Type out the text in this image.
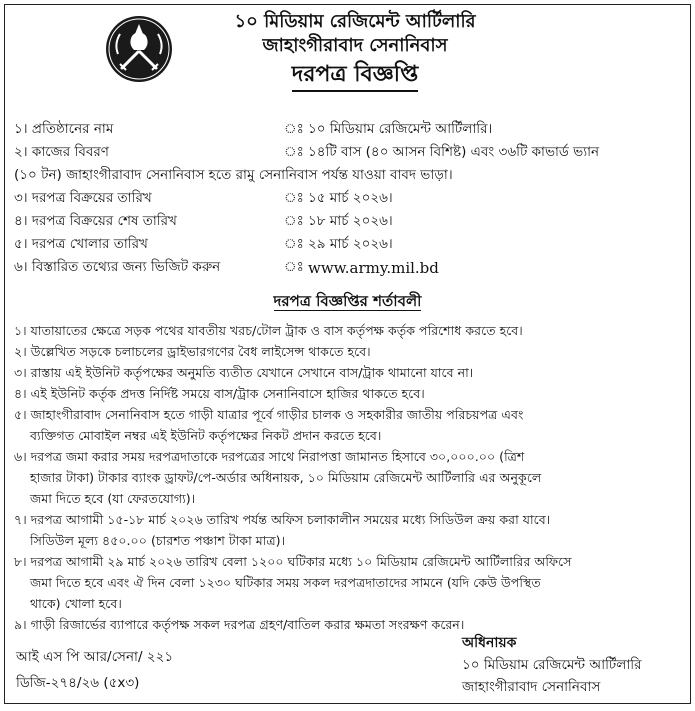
১০ মিডিয়াম রেজিমেন্ট আর্টিলারি
জাহাংগীরাবাদ সেনানিবাস
দরপত্র বিজ্ঞপ্তি
১। প্রতিষ্ঠানের নাম	ঃ ১০ মিডিয়াম রেজিমেন্ট আর্টিলারি।
২। কাজের বিবরণ	ঃ ১৪টি বাস (৪০ আসন বিশিষ্ট) এবং ৩৬টি কাভার্ড ভ্যান
(১০ টন) জাহাংগীরাবাদ সেনানিবাস হতে রামু সেনানিবাস পর্যন্ত যাওয়া বাবদ ভাড়া।
৩। দরপত্র বিক্রয়ের তারিখ	ঃ ১৫ মার্চ ২০২৬।
৪। দরপত্র বিক্রয়ের শেষ তারিখ	ঃ ১৮ মার্চ ২০২৬।
৫। দরপত্র খোলার তারিখ	ঃ ২৯ মার্চ ২০২৬।
৬। বিস্তারিত তথ্যের জন্য ভিজিট করুন	ঃ www.army.mil.bd
দরপত্র বিজ্ঞপ্তির শর্তাবলী
১। যাতায়াতের ক্ষেত্রে সড়ক পথের যাবতীয় খরচ/টোল ট্রাক ও বাস কর্তৃপক্ষ কর্তৃক পরিশোধ করতে হবে।
২। উল্লেখিত সড়কে চলাচলের ড্রাইভারগণের বৈধ লাইসেন্স থাকতে হবে।
৩। রাস্তায় এই ইউনিট কর্তৃপক্ষের অনুমতি ব্যতীত যেখানে সেখানে বাস/ট্রাক থামানো যাবে না।
৪। এই ইউনিট কর্তৃক প্রদত্ত নির্দিষ্ট সময়ে বাস/ট্রাক সেনানিবাসে হাজির থাকতে হবে।
৫। জাহাংগীরাবাদ সেনানিবাস হতে গাড়ী যাত্রার পূর্বে গাড়ীর চালক ও সহকারীর জাতীয় পরিচয়পত্র এবং
ব্যক্তিগত মোবাইল নম্বর এই ইউনিট কর্তৃপক্ষের নিকট প্রদান করতে হবে।
৬। দরপত্র জমা করার সময় দরপত্রদাতাকে দরপত্রের সাথে নিরাপত্তা জামানত হিসাবে ৩০,০০০.০০ (ত্রিশ
হাজার টাকা) টাকার ব্যাংক ড্রাফট/পে-অর্ডার অধিনায়ক, ১০ মিডিয়াম রেজিমেন্ট আর্টিলারি এর অনুকূলে
জমা দিতে হবে (যা ফেরতযোগ্য)।
৭। দরপত্র আগামী ১৫-১৮ মার্চ ২০২৬ তারিখ পর্যন্ত অফিস চলাকালীন সময়ের মধ্যে সিডিউল ক্রয় করা যাবে।
সিডিউল মূল্য ৪৫০.০০ (চারশত পঞ্চাশ টাকা মাত্র)।
৮। দরপত্র আগামী ২৯ মার্চ ২০২৬ তারিখ বেলা ১২০০ ঘটিকার মধ্যে ১০ মিডিয়াম রেজিমেন্ট আর্টিলারির অফিসে
জমা দিতে হবে এবং ঐ দিন বেলা ১২৩০ ঘটিকার সময় সকল দরপত্রদাতাদের সামনে (যদি কেউ উপস্থিত
থাকে) খোলা হবে।
৯। গাড়ী রিজার্ভের ব্যাপারে কর্তৃপক্ষ সকল দরপত্র গ্রহণ/বাতিল করার ক্ষমতা সংরক্ষণ করেন।
আই এস পি আর/সেনা/ ২২১
ডিজি-২৭৪/২৬ (৫x৩)
অধিনায়ক
১০ মিডিয়াম রেজিমেন্ট আর্টিলারি
জাহাংগীরাবাদ সেনানিবাস
